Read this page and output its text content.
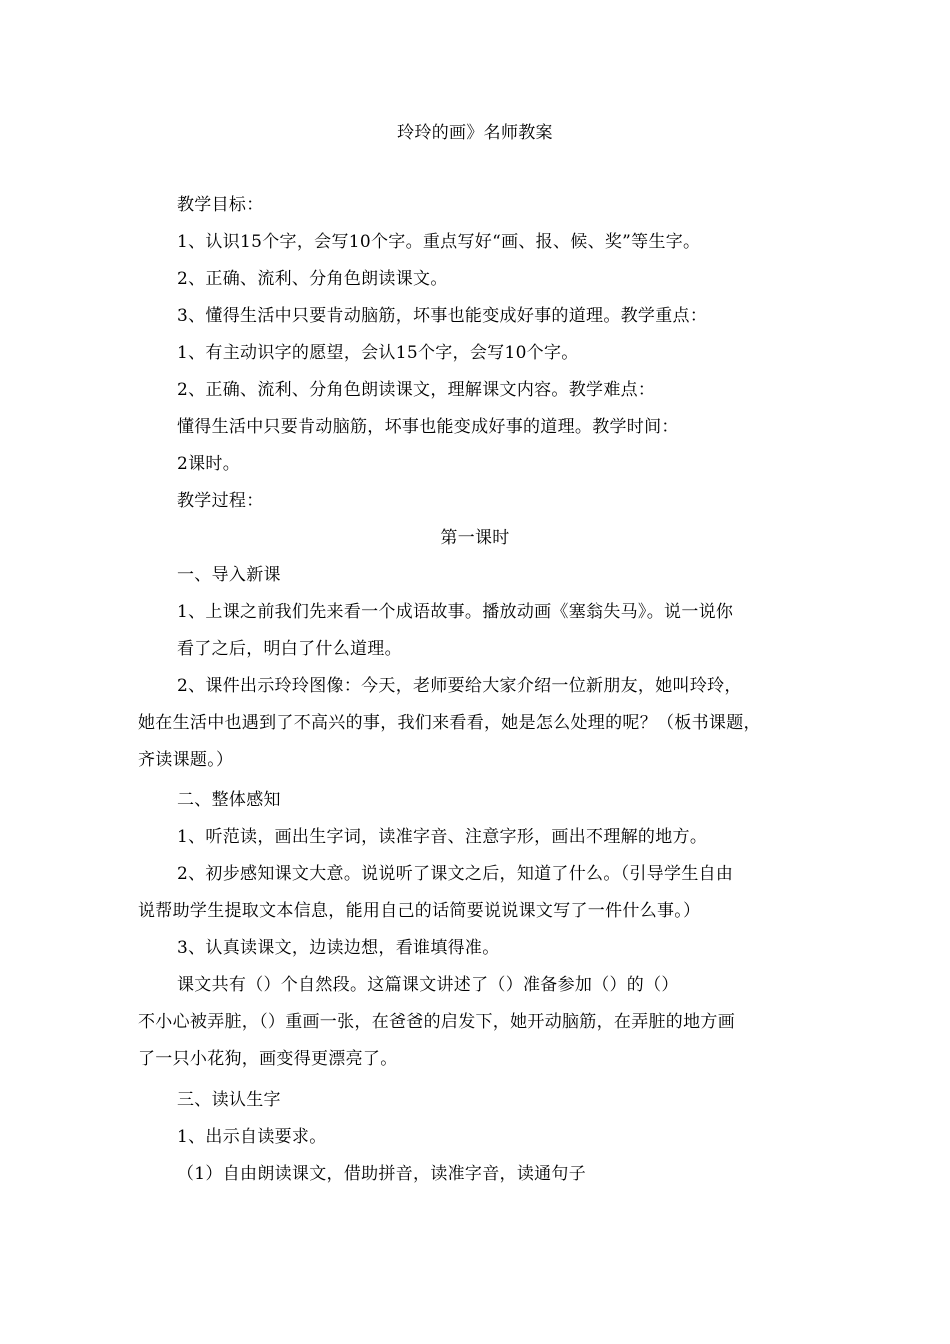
玲玲的画》名师教案
教学目标：
1、认识15个字，会写10个字。重点写好“画、报、候、奖”等生字。
2、正确、流利、分角色朗读课文。
3、懂得生活中只要肯动脑筋，坏事也能变成好事的道理。教学重点：
1、有主动识字的愿望，会认15个字，会写10个字。
2、正确、流利、分角色朗读课文，理解课文内容。教学难点：
懂得生活中只要肯动脑筋，坏事也能变成好事的道理。教学时间：
2课时。
教学过程：
第一课时
一、导入新课
1、上课之前我们先来看一个成语故事。播放动画《塞翁失马》。说一说你
看了之后，明白了什么道理。
2、课件出示玲玲图像：今天，老师要给大家介绍一位新朋友，她叫玲玲，
她在生活中也遇到了不高兴的事，我们来看看，她是怎么处理的呢？（板书课题，
齐读课题。）
二、整体感知
1、听范读，画出生字词，读准字音、注意字形，画出不理解的地方。
2、初步感知课文大意。说说听了课文之后，知道了什么。（引导学生自由
说帮助学生提取文本信息，能用自己的话简要说说课文写了一件什么事。）
3、认真读课文，边读边想，看谁填得准。
课文共有（）个自然段。这篇课文讲述了（）准备参加（）的（）
不小心被弄脏，（）重画一张，在爸爸的启发下，她开动脑筋，在弄脏的地方画
了一只小花狗，画变得更漂亮了。
三、读认生字
1、出示自读要求。
（1）自由朗读课文，借助拼音，读准字音，读通句子
